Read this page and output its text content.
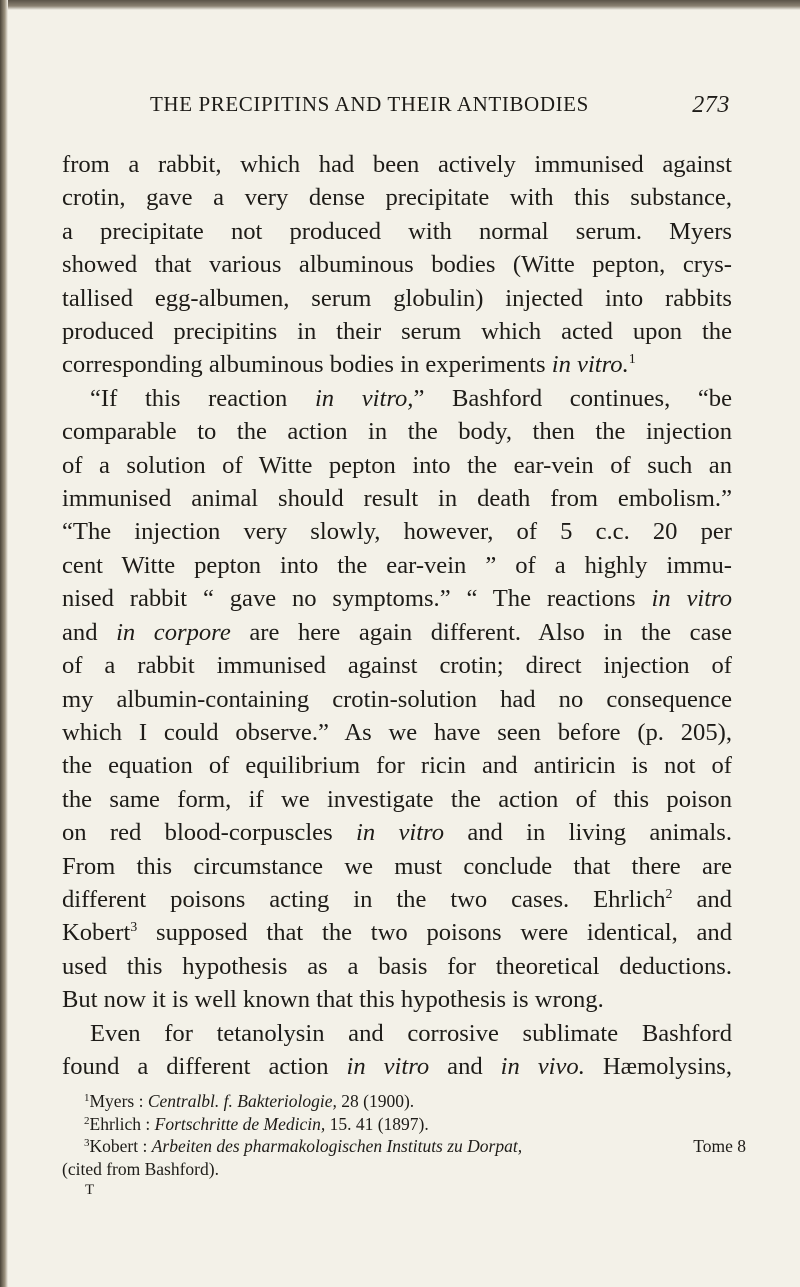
THE PRECIPITINS AND THEIR ANTIBODIES	273
from a rabbit, which had been actively immunised against
crotin, gave a very dense precipitate with this substance,
a precipitate not produced with normal serum. Myers
showed that various albuminous bodies (Witte pepton, crys-
tallised egg-albumen, serum globulin) injected into rabbits
produced precipitins in their serum which acted upon the
corresponding albuminous bodies in experiments in vitro.$^1$
“If this reaction in vitro,” Bashford continues, “be
comparable to the action in the body, then the injection
of a solution of Witte pepton into the ear-vein of such an
immunised animal should result in death from embolism.”
“The injection very slowly, however, of 5 c.c. 20 per
cent Witte pepton into the ear-vein ” of a highly immu-
nised rabbit “ gave no symptoms.” “ The reactions in vitro
and in corpore are here again different. Also in the case
of a rabbit immunised against crotin; direct injection of
my albumin-containing crotin-solution had no consequence
which I could observe.” As we have seen before (p. 205),
the equation of equilibrium for ricin and antiricin is not of
the same form, if we investigate the action of this poison
on red blood-corpuscles in vitro and in living animals.
From this circumstance we must conclude that there are
different poisons acting in the two cases. Ehrlich$^2$ and
Kobert$^3$ supposed that the two poisons were identical, and
used this hypothesis as a basis for theoretical deductions.
But now it is well known that this hypothesis is wrong.
Even for tetanolysin and corrosive sublimate Bashford
found a different action in vitro and in vivo. Hæmolysins,
$^1$Myers : Centralbl. f. Bakteriologie, 28 (1900).
$^2$Ehrlich : Fortschritte de Medicin, 15. 41 (1897).
$^3$Kobert : Arbeiten des pharmakologischen Instituts zu Dorpat,	Tome 8
(cited from Bashford).
T
